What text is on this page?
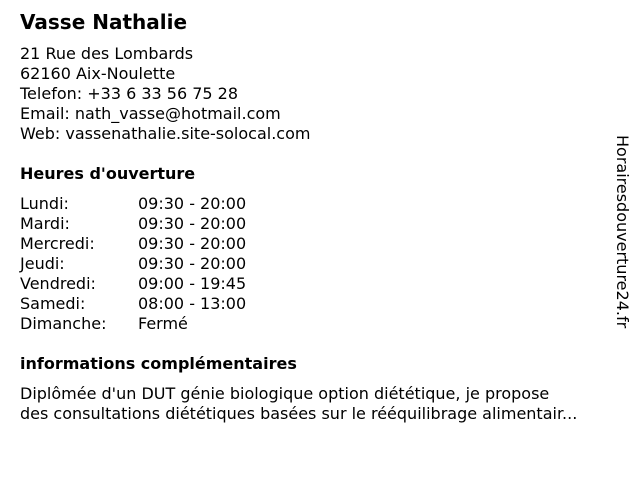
Vasse Nathalie
21 Rue des Lombards
62160 Aix-Noulette
Telefon: +33 6 33 56 75 28
Email: nath_vasse@hotmail.com
Web: vassenathalie.site-solocal.com
Heures d'ouverture
Lundi:	09:30 - 20:00
Mardi:	09:30 - 20:00
Mercredi:	09:30 - 20:00
Jeudi:	09:30 - 20:00
Vendredi:	09:00 - 19:45
Samedi:	08:00 - 13:00
Dimanche:	Fermé
informations complémentaires
Diplômée d'un DUT génie biologique option diététique, je propose
des consultations diététiques basées sur le rééquilibrage alimentair...
Horairesdouverture24.fr
